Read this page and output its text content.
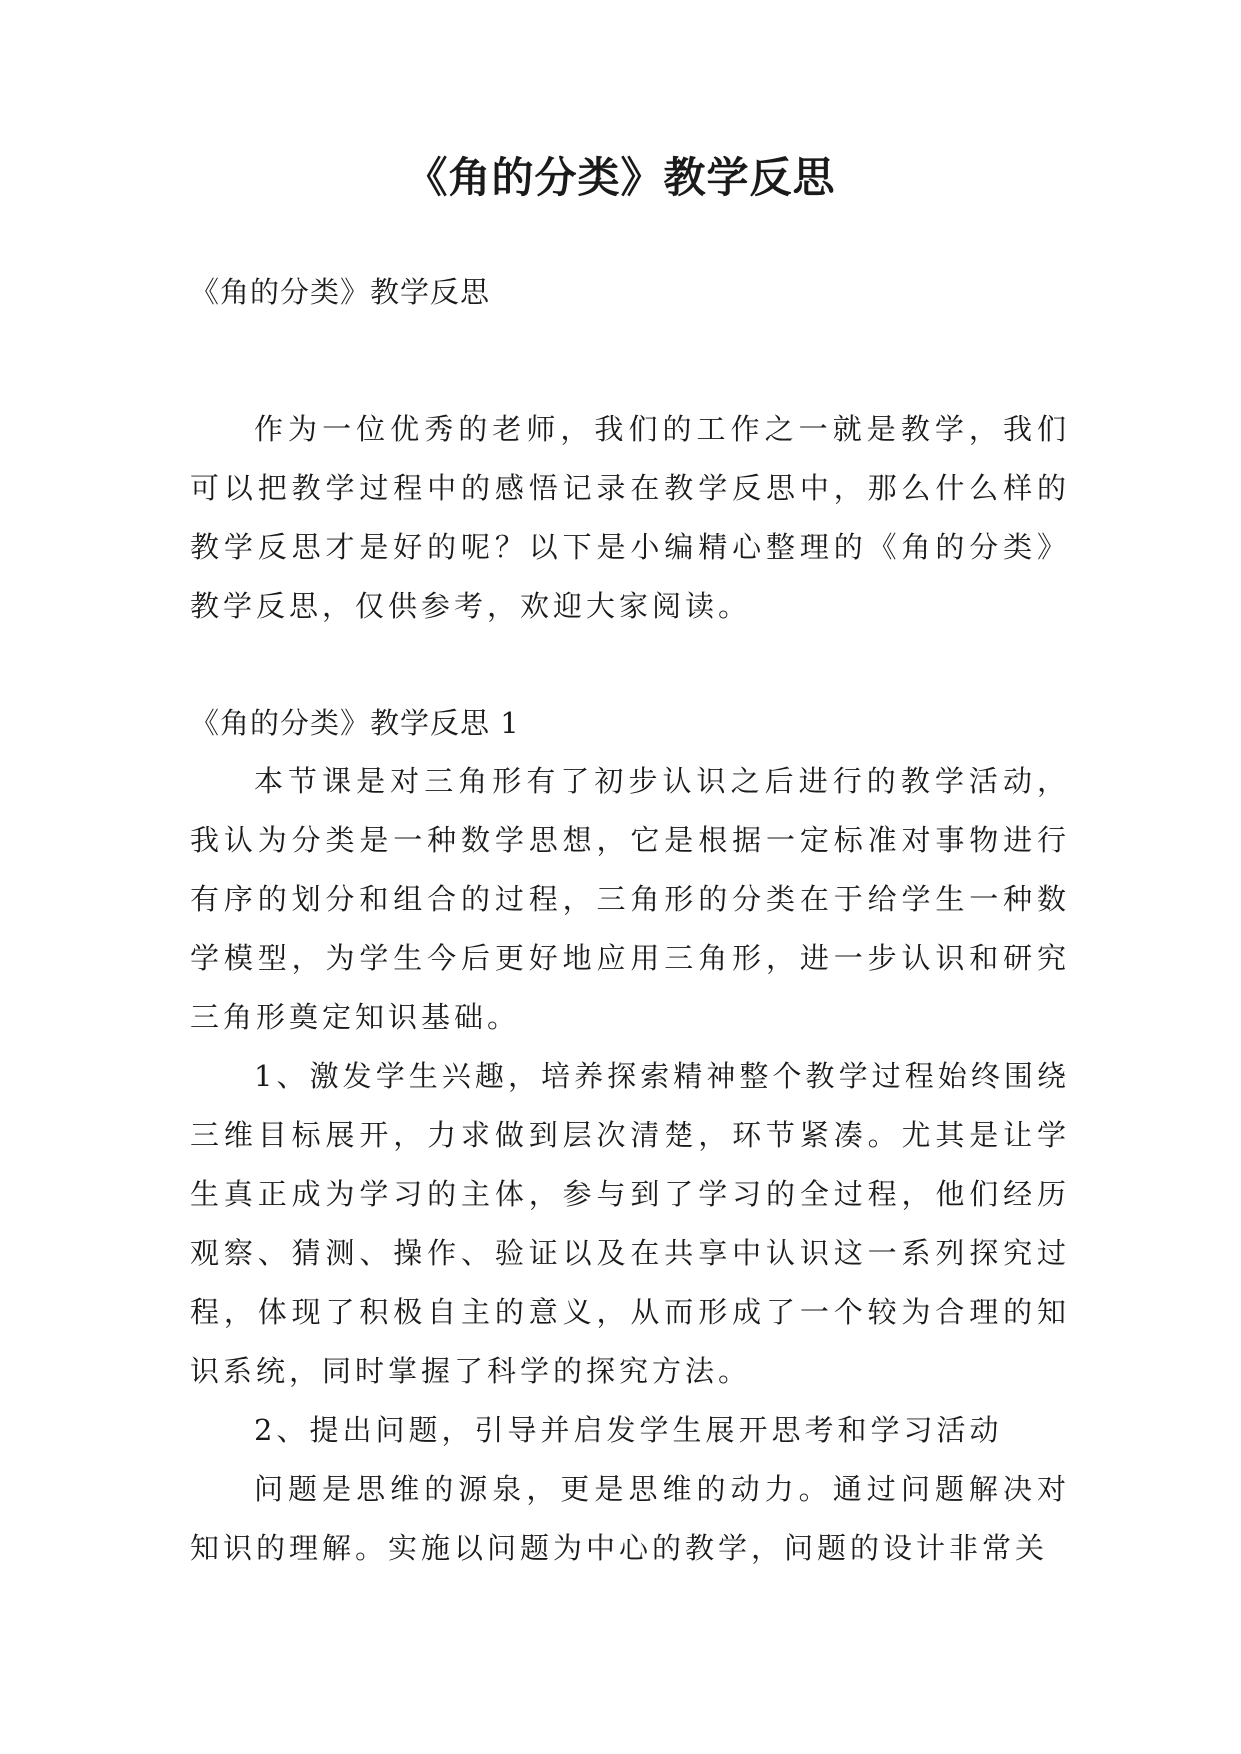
《角的分类》教学反思

《角的分类》教学反思

作为一位优秀的老师，我们的工作之一就是教学，我们可以把教学过程中的感悟记录在教学反思中，那么什么样的教学反思才是好的呢？以下是小编精心整理的《角的分类》教学反思，仅供参考，欢迎大家阅读。

《角的分类》教学反思 1

本节课是对三角形有了初步认识之后进行的教学活动，我认为分类是一种数学思想，它是根据一定标准对事物进行有序的划分和组合的过程，三角形的分类在于给学生一种数学模型，为学生今后更好地应用三角形，进一步认识和研究三角形奠定知识基础。

1、激发学生兴趣，培养探索精神整个教学过程始终围绕三维目标展开，力求做到层次清楚，环节紧凑。尤其是让学生真正成为学习的主体，参与到了学习的全过程，他们经历观察、猜测、操作、验证以及在共享中认识这一系列探究过程，体现了积极自主的意义，从而形成了一个较为合理的知识系统，同时掌握了科学的探究方法。

2、提出问题，引导并启发学生展开思考和学习活动

问题是思维的源泉，更是思维的动力。通过问题解决对知识的理解。实施以问题为中心的教学，问题的设计非常关
